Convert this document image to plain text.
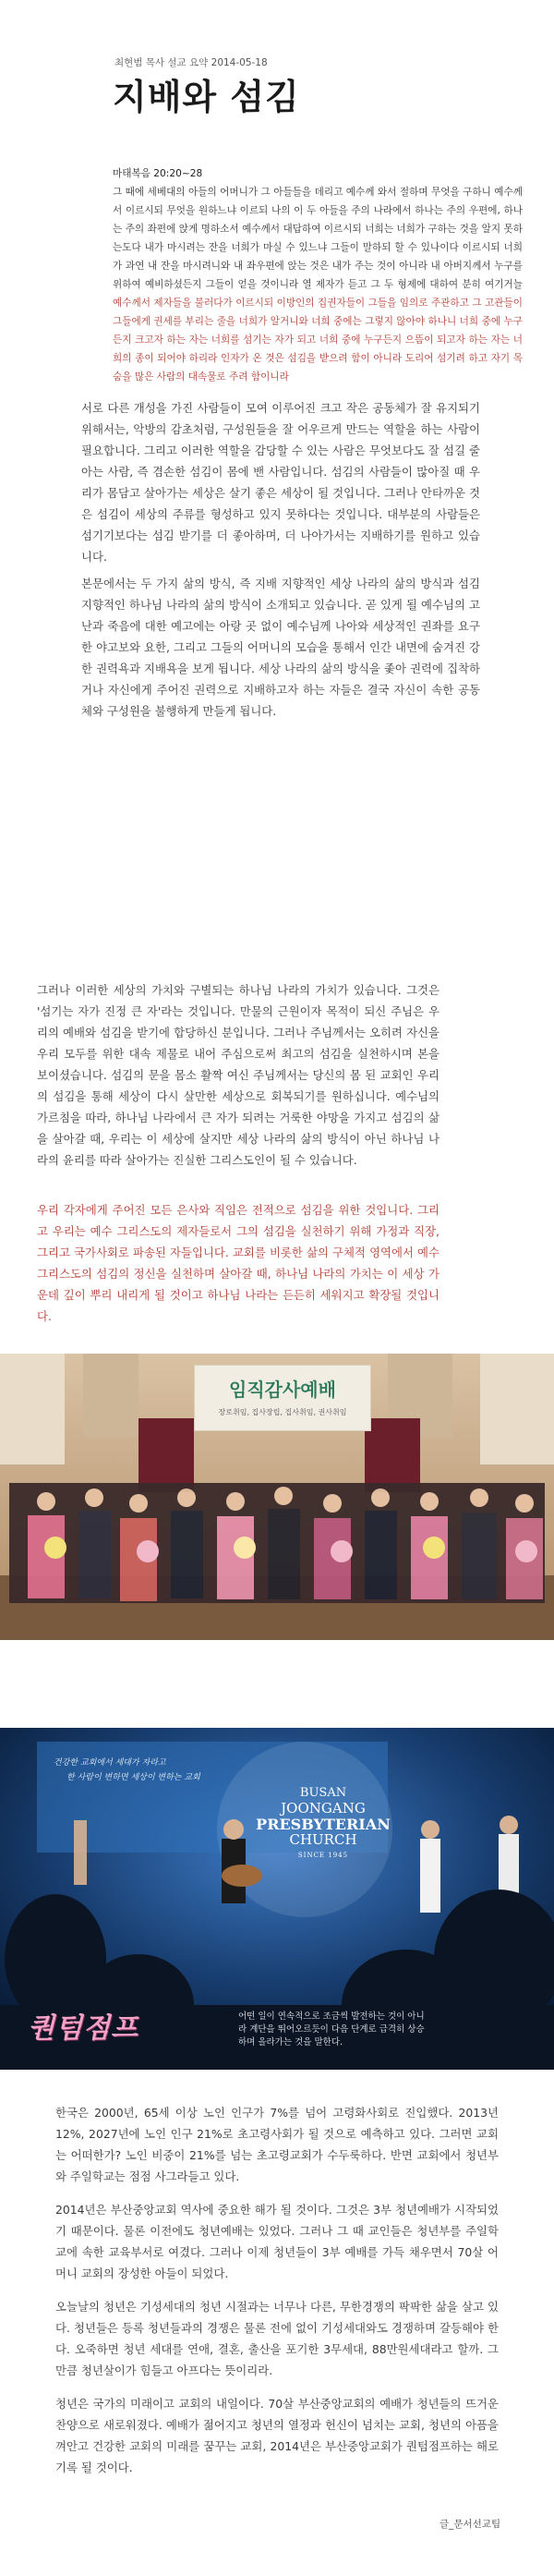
최현범 목사 설교 요약 2014-05-18
지배와 섬김
마태복음 20:20~28
그 때에 세베대의 아들의 어머니가 그 아들들을 데리고 예수께 와서 절하며 무엇을 구하니 예수께서 이르시되 무엇을 원하느냐 이르되 나의 이 두 아들을 주의 나라에서 하나는 주의 우편에, 하나는 주의 좌편에 앉게 명하소서 예수께서 대답하여 이르시되 너희는 너희가 구하는 것을 알지 못하는도다 내가 마시려는 잔을 너희가 마실 수 있느냐 그들이 말하되 할 수 있나이다 이르시되 너희가 과연 내 잔을 마시려니와 내 좌우편에 앉는 것은 내가 주는 것이 아니라 내 아버지께서 누구를 위하여 예비하셨든지 그들이 얻을 것이니라 열 제자가 듣고 그 두 형제에 대하여 분히 여기거늘 예수께서 제자들을 불러다가 이르시되 이방인의 집권자들이 그들을 임의로 주관하고 그 고관들이 그들에게 권세를 부리는 줄을 너희가 알거니와 너희 중에는 그렇지 않아야 하나니 너희 중에 누구든지 크고자 하는 자는 너희를 섬기는 자가 되고 너희 중에 누구든지 으뜸이 되고자 하는 자는 너희의 종이 되어야 하리라 인자가 온 것은 섬김을 받으려 함이 아니라 도리어 섬기려 하고 자기 목숨을 많은 사람의 대속물로 주려 함이니라
서로 다른 개성을 가진 사람들이 모여 이루어진 크고 작은 공동체가 잘 유지되기 위해서는, 악방의 감초처럼, 구성원들을 잘 어우르게 만드는 역할을 하는 사람이 필요합니다. 그리고 이러한 역할을 감당할 수 있는 사람은 무엇보다도 잘 섬길 줄 아는 사람, 즉 겸손한 섬김이 몸에 밴 사람입니다. 섬김의 사람들이 많아질 때 우리가 몸담고 살아가는 세상은 살기 좋은 세상이 될 것입니다. 그러나 안타까운 것은 섬김이 세상의 주류를 형성하고 있지 못하다는 것입니다. 대부분의 사람들은 섬기기보다는 섬김 받기를 더 좋아하며, 더 나아가서는 지배하기를 원하고 있습니다.
본문에서는 두 가지 삶의 방식, 즉 지배 지향적인 세상 나라의 삶의 방식과 섬김 지향적인 하나님 나라의 삶의 방식이 소개되고 있습니다. 곧 있게 될 예수님의 고난과 죽음에 대한 예고에는 아랑 곳 없이 예수님께 나아와 세상적인 권좌를 요구한 야고보와 요한, 그리고 그들의 어머니의 모습을 통해서 인간 내면에 숨겨진 강한 권력욕과 지배욕을 보게 됩니다. 세상 나라의 삶의 방식을 좇아 권력에 집착하거나 자신에게 주어진 권력으로 지배하고자 하는 자들은 결국 자신이 속한 공동체와 구성원을 불행하게 만들게 됩니다.
그러나 이러한 세상의 가치와 구별되는 하나님 나라의 가치가 있습니다. 그것은 '섬기는 자가 진정 큰 자'라는 것입니다. 만물의 근원이자 목적이 되신 주님은 우리의 예배와 섬김을 받기에 합당하신 분입니다. 그러나 주님께서는 오히려 자신을 우리 모두를 위한 대속 제물로 내어 주심으로써 최고의 섬김을 실천하시며 본을 보이셨습니다. 섬김의 문을 몸소 활짝 여신 주님께서는 당신의 몸 된 교회인 우리의 섬김을 통해 세상이 다시 살만한 세상으로 회복되기를 원하십니다. 예수님의 가르침을 따라, 하나님 나라에서 큰 자가 되려는 거룩한 야망을 가지고 섬김의 삶을 살아갈 때, 우리는 이 세상에 살지만 세상 나라의 삶의 방식이 아닌 하나님 나라의 윤리를 따라 살아가는 진실한 그리스도인이 될 수 있습니다.
우리 각자에게 주어진 모든 은사와 직임은 전적으로 섬김을 위한 것입니다. 그리고 우리는 예수 그리스도의 제자들로서 그의 섬김을 실천하기 위해 가정과 직장, 그리고 국가사회로 파송된 자들입니다. 교회를 비롯한 삶의 구체적 영역에서 예수 그리스도의 섬김의 정신을 실천하며 살아갈 때, 하나님 나라의 가치는 이 세상 가운데 깊이 뿌리 내리게 될 것이고 하나님 나라는 든든히 세워지고 확장될 것입니다.
임직감사예배
장로취임, 집사장립, 집사취임, 권사취임
건강한 교회에서 세대가 자라고
한 사람이 변하면 세상이 변하는 교회
BUSAN
JOONGANG
PRESBYTERIAN
CHURCH
SINCE 1945
퀀텀점프	어떤 일이 연속적으로 조금씩 발전하는 것이 아니라 계단을 뛰어오르듯이 다음 단계로 급격히 상승하며 올라가는 것을 말한다.
한국은 2000년, 65세 이상 노인 인구가 7%를 넘어 고령화사회로 진입했다. 2013년 12%, 2027년에 노인 인구 21%로 초고령사회가 될 것으로 예측하고 있다. 그러면 교회는 어떠한가? 노인 비중이 21%를 넘는 초고령교회가 수두룩하다. 반면 교회에서 청년부와 주일학교는 점점 사그라들고 있다.
2014년은 부산중앙교회 역사에 중요한 해가 될 것이다. 그것은 3부 청년예배가 시작되었기 때문이다. 물론 이전에도 청년예배는 있었다. 그러나 그 때 교인들은 청년부를 주일학교에 속한 교육부서로 여겼다. 그러나 이제 청년들이 3부 예배를 가득 채우면서 70살 어머니 교회의 장성한 아들이 되었다.
오늘날의 청년은 기성세대의 청년 시절과는 너무나 다른, 무한경쟁의 팍팍한 삶을 살고 있다. 청년들은 등록 청년들과의 경쟁은 물론 전에 없이 기성세대와도 경쟁하며 갈등해야 한다. 오죽하면 청년 세대를 연애, 결혼, 출산을 포기한 3무세대, 88만원세대라고 할까. 그만큼 청년살이가 힘들고 아프다는 뜻이리라.
청년은 국가의 미래이고 교회의 내일이다. 70살 부산중앙교회의 예배가 청년들의 뜨거운 찬양으로 새로워졌다. 예배가 젊어지고 청년의 열정과 헌신이 넘치는 교회, 청년의 아픔을 껴안고 건강한 교회의 미래를 꿈꾸는 교회, 2014년은 부산중앙교회가 퀀텀점프하는 해로 기록 될 것이다.
글_문서선교팀
